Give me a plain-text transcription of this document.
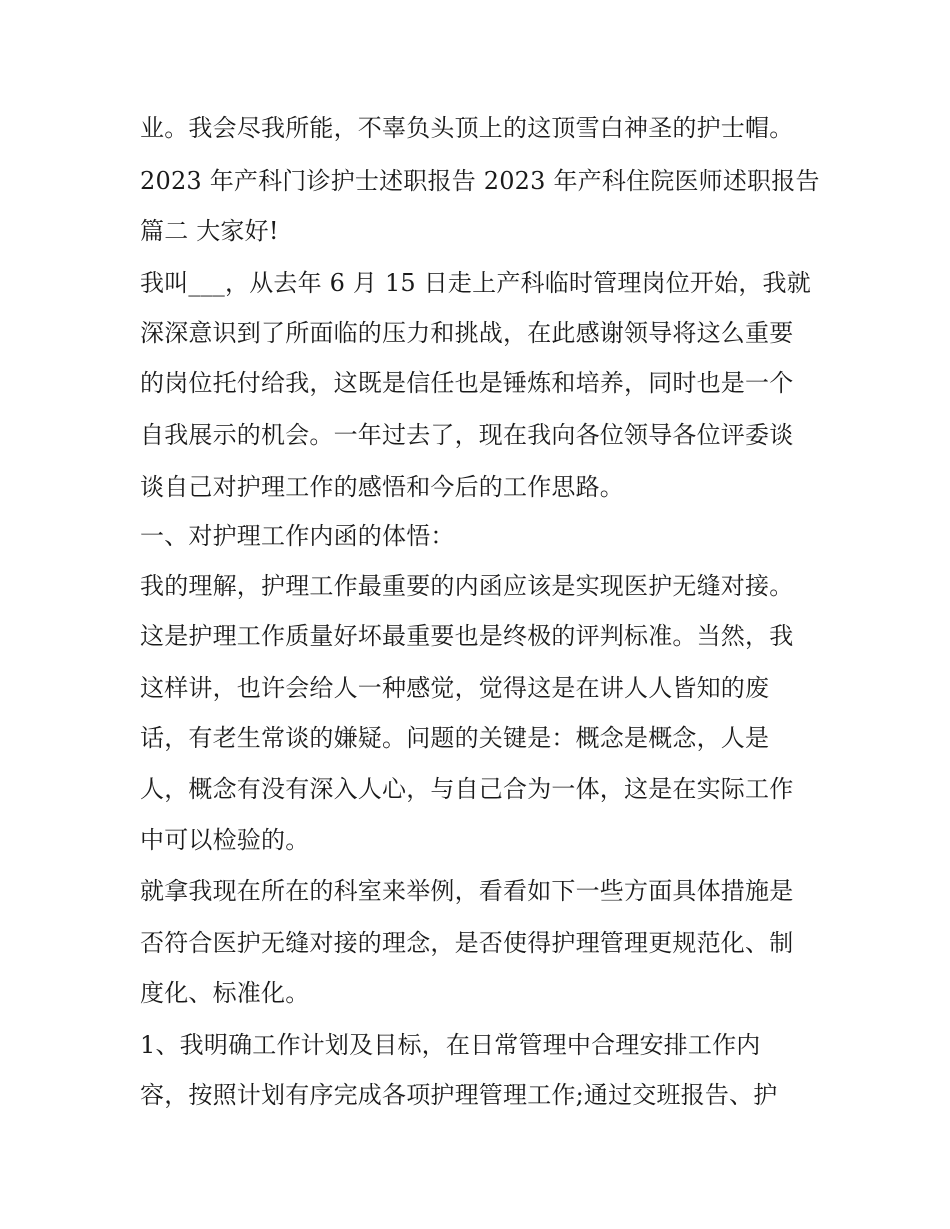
业。我会尽我所能，不辜负头顶上的这顶雪白神圣的护士帽。
2023 年产科门诊护士述职报告 2023 年产科住院医师述职报告
篇二 大家好!
我叫___，从去年 6 月 15 日走上产科临时管理岗位开始，我就
深深意识到了所面临的压力和挑战，在此感谢领导将这么重要
的岗位托付给我，这既是信任也是锤炼和培养，同时也是一个
自我展示的机会。一年过去了，现在我向各位领导各位评委谈
谈自己对护理工作的感悟和今后的工作思路。
一、对护理工作内函的体悟：
我的理解，护理工作最重要的内函应该是实现医护无缝对接。
这是护理工作质量好坏最重要也是终极的评判标准。当然，我
这样讲，也许会给人一种感觉，觉得这是在讲人人皆知的废
话，有老生常谈的嫌疑。问题的关键是：概念是概念，人是
人，概念有没有深入人心，与自己合为一体，这是在实际工作
中可以检验的。
就拿我现在所在的科室来举例，看看如下一些方面具体措施是
否符合医护无缝对接的理念，是否使得护理管理更规范化、制
度化、标准化。
1、我明确工作计划及目标，在日常管理中合理安排工作内
容，按照计划有序完成各项护理管理工作;通过交班报告、护
